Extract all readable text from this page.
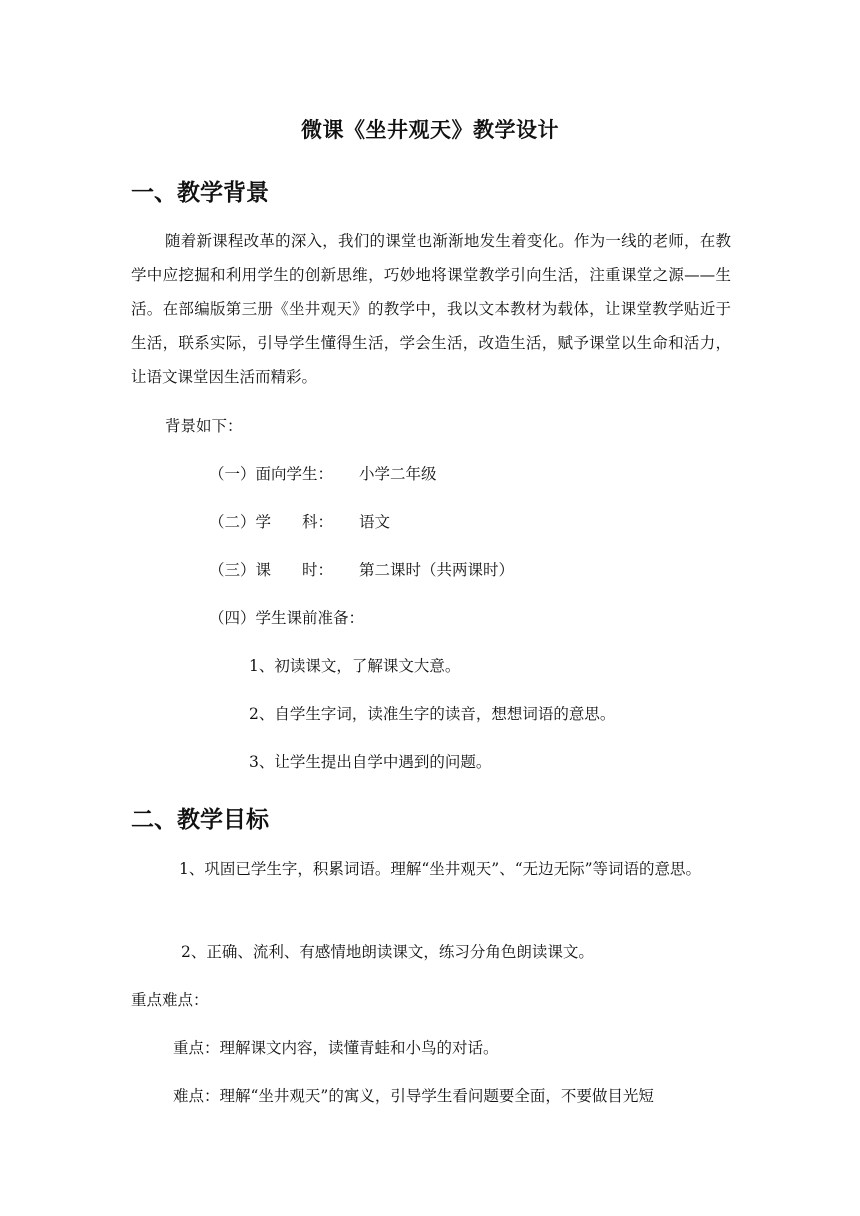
微课《坐井观天》教学设计
一、教学背景
随着新课程改革的深入，我们的课堂也渐渐地发生着变化。作为一线的老师，在教学中应挖掘和利用学生的创新思维，巧妙地将课堂教学引向生活，注重课堂之源——生活。在部编版第三册《坐井观天》的教学中，我以文本教材为载体，让课堂教学贴近于生活，联系实际，引导学生懂得生活，学会生活，改造生活，赋予课堂以生命和活力，让语文课堂因生活而精彩。
背景如下：
（一）面向学生： 小学二年级
（二）学　　科： 语文
（三）课　　时： 第二课时（共两课时）
（四）学生课前准备：
1、初读课文，了解课文大意。
2、自学生字词，读准生字的读音，想想词语的意思。
3、让学生提出自学中遇到的问题。
二、教学目标
1、巩固已学生字，积累词语。理解“坐井观天”、“无边无际”等词语的意思。
2、正确、流利、有感情地朗读课文，练习分角色朗读课文。
重点难点：
重点：理解课文内容，读懂青蛙和小鸟的对话。
难点：理解“坐井观天”的寓义，引导学生看问题要全面，不要做目光短
